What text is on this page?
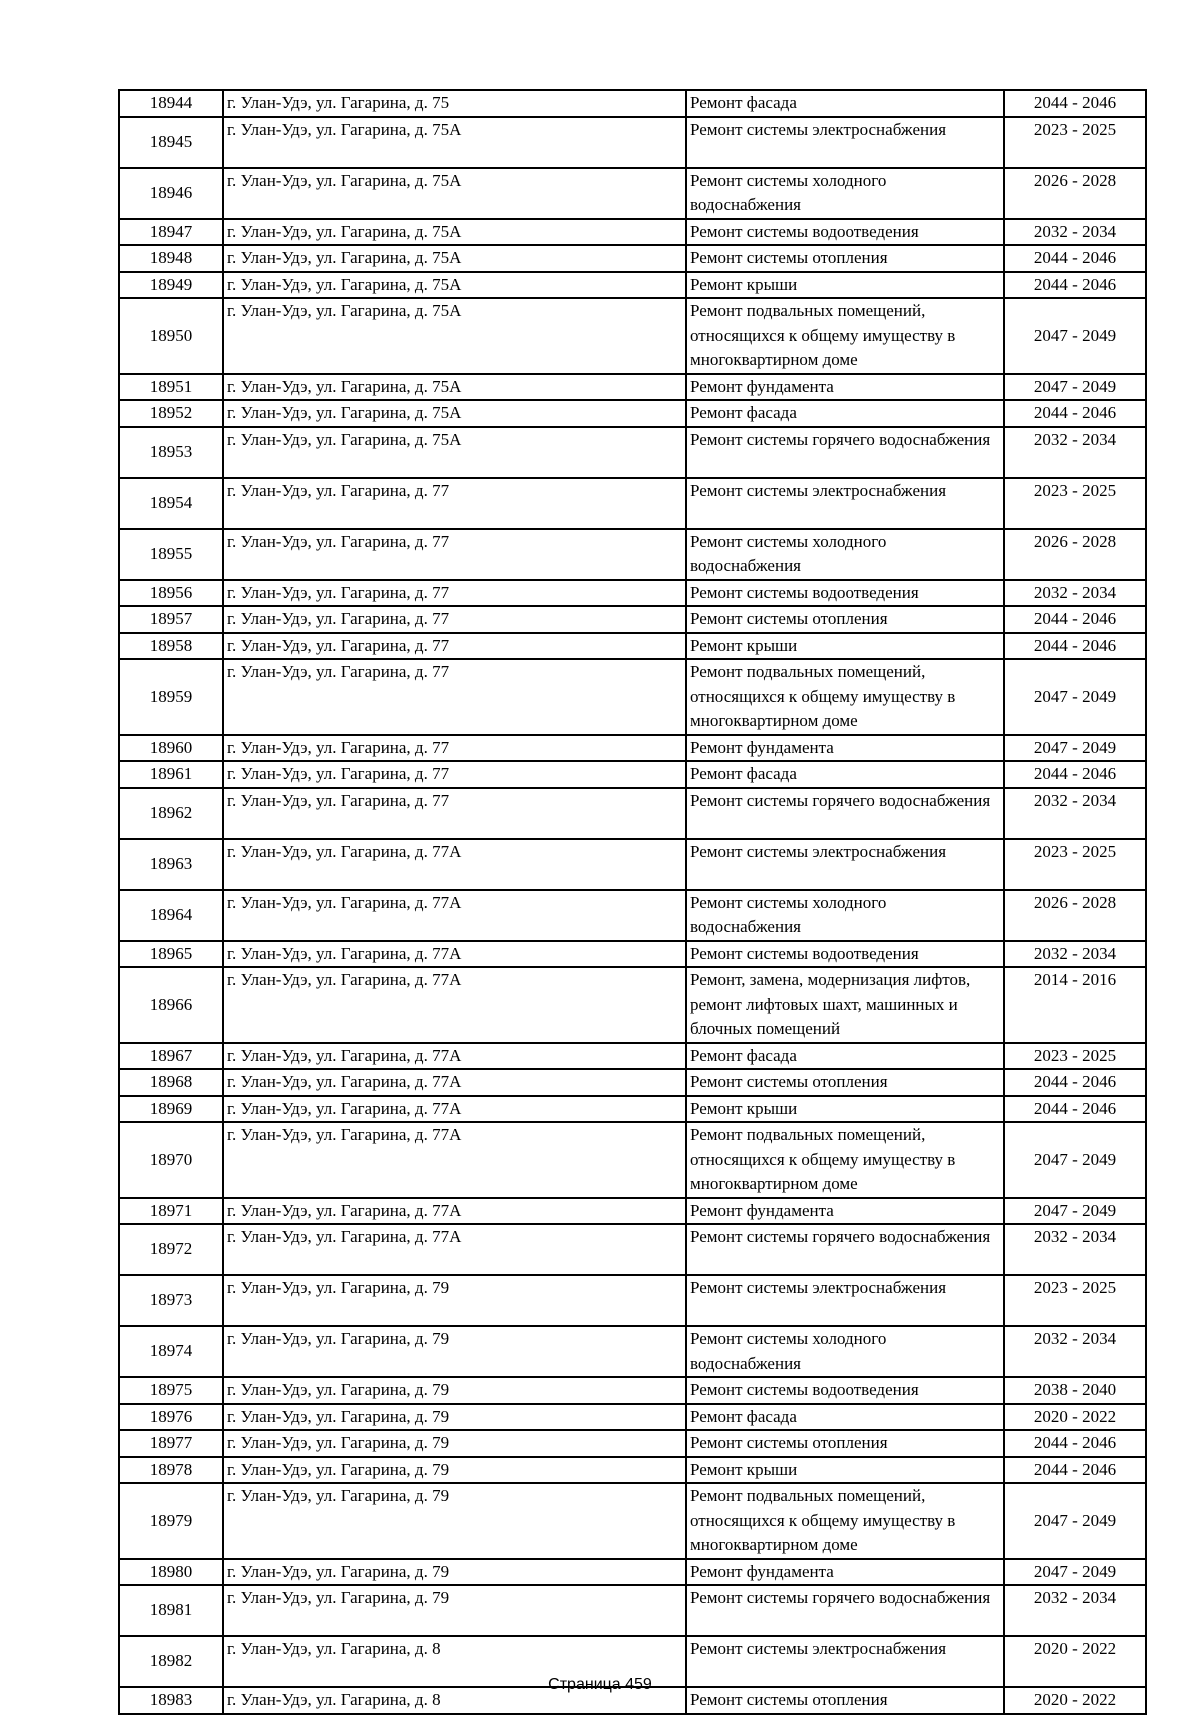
18944	г. Улан-Удэ, ул. Гагарина, д. 75	Ремонт фасада	2044 - 2046
18945	г. Улан-Удэ, ул. Гагарина, д. 75А	Ремонт системы электроснабжения	2023 - 2025
18946	г. Улан-Удэ, ул. Гагарина, д. 75А	Ремонт системы холодного водоснабжения	2026 - 2028
18947	г. Улан-Удэ, ул. Гагарина, д. 75А	Ремонт системы водоотведения	2032 - 2034
18948	г. Улан-Удэ, ул. Гагарина, д. 75А	Ремонт системы отопления	2044 - 2046
18949	г. Улан-Удэ, ул. Гагарина, д. 75А	Ремонт крыши	2044 - 2046
18950	г. Улан-Удэ, ул. Гагарина, д. 75А	Ремонт подвальных помещений, относящихся к общему имуществу в многоквартирном доме	2047 - 2049
18951	г. Улан-Удэ, ул. Гагарина, д. 75А	Ремонт фундамента	2047 - 2049
18952	г. Улан-Удэ, ул. Гагарина, д. 75А	Ремонт фасада	2044 - 2046
18953	г. Улан-Удэ, ул. Гагарина, д. 75А	Ремонт системы горячего водоснабжения	2032 - 2034
18954	г. Улан-Удэ, ул. Гагарина, д. 77	Ремонт системы электроснабжения	2023 - 2025
18955	г. Улан-Удэ, ул. Гагарина, д. 77	Ремонт системы холодного водоснабжения	2026 - 2028
18956	г. Улан-Удэ, ул. Гагарина, д. 77	Ремонт системы водоотведения	2032 - 2034
18957	г. Улан-Удэ, ул. Гагарина, д. 77	Ремонт системы отопления	2044 - 2046
18958	г. Улан-Удэ, ул. Гагарина, д. 77	Ремонт крыши	2044 - 2046
18959	г. Улан-Удэ, ул. Гагарина, д. 77	Ремонт подвальных помещений, относящихся к общему имуществу в многоквартирном доме	2047 - 2049
18960	г. Улан-Удэ, ул. Гагарина, д. 77	Ремонт фундамента	2047 - 2049
18961	г. Улан-Удэ, ул. Гагарина, д. 77	Ремонт фасада	2044 - 2046
18962	г. Улан-Удэ, ул. Гагарина, д. 77	Ремонт системы горячего водоснабжения	2032 - 2034
18963	г. Улан-Удэ, ул. Гагарина, д. 77А	Ремонт системы электроснабжения	2023 - 2025
18964	г. Улан-Удэ, ул. Гагарина, д. 77А	Ремонт системы холодного водоснабжения	2026 - 2028
18965	г. Улан-Удэ, ул. Гагарина, д. 77А	Ремонт системы водоотведения	2032 - 2034
18966	г. Улан-Удэ, ул. Гагарина, д. 77А	Ремонт, замена, модернизация лифтов, ремонт лифтовых шахт, машинных и блочных помещений	2014 - 2016
18967	г. Улан-Удэ, ул. Гагарина, д. 77А	Ремонт фасада	2023 - 2025
18968	г. Улан-Удэ, ул. Гагарина, д. 77А	Ремонт системы отопления	2044 - 2046
18969	г. Улан-Удэ, ул. Гагарина, д. 77А	Ремонт крыши	2044 - 2046
18970	г. Улан-Удэ, ул. Гагарина, д. 77А	Ремонт подвальных помещений, относящихся к общему имуществу в многоквартирном доме	2047 - 2049
18971	г. Улан-Удэ, ул. Гагарина, д. 77А	Ремонт фундамента	2047 - 2049
18972	г. Улан-Удэ, ул. Гагарина, д. 77А	Ремонт системы горячего водоснабжения	2032 - 2034
18973	г. Улан-Удэ, ул. Гагарина, д. 79	Ремонт системы электроснабжения	2023 - 2025
18974	г. Улан-Удэ, ул. Гагарина, д. 79	Ремонт системы холодного водоснабжения	2032 - 2034
18975	г. Улан-Удэ, ул. Гагарина, д. 79	Ремонт системы водоотведения	2038 - 2040
18976	г. Улан-Удэ, ул. Гагарина, д. 79	Ремонт фасада	2020 - 2022
18977	г. Улан-Удэ, ул. Гагарина, д. 79	Ремонт системы отопления	2044 - 2046
18978	г. Улан-Удэ, ул. Гагарина, д. 79	Ремонт крыши	2044 - 2046
18979	г. Улан-Удэ, ул. Гагарина, д. 79	Ремонт подвальных помещений, относящихся к общему имуществу в многоквартирном доме	2047 - 2049
18980	г. Улан-Удэ, ул. Гагарина, д. 79	Ремонт фундамента	2047 - 2049
18981	г. Улан-Удэ, ул. Гагарина, д. 79	Ремонт системы горячего водоснабжения	2032 - 2034
18982	г. Улан-Удэ, ул. Гагарина, д. 8	Ремонт системы электроснабжения	2020 - 2022
18983	г. Улан-Удэ, ул. Гагарина, д. 8	Ремонт системы отопления	2020 - 2022
Страница 459
